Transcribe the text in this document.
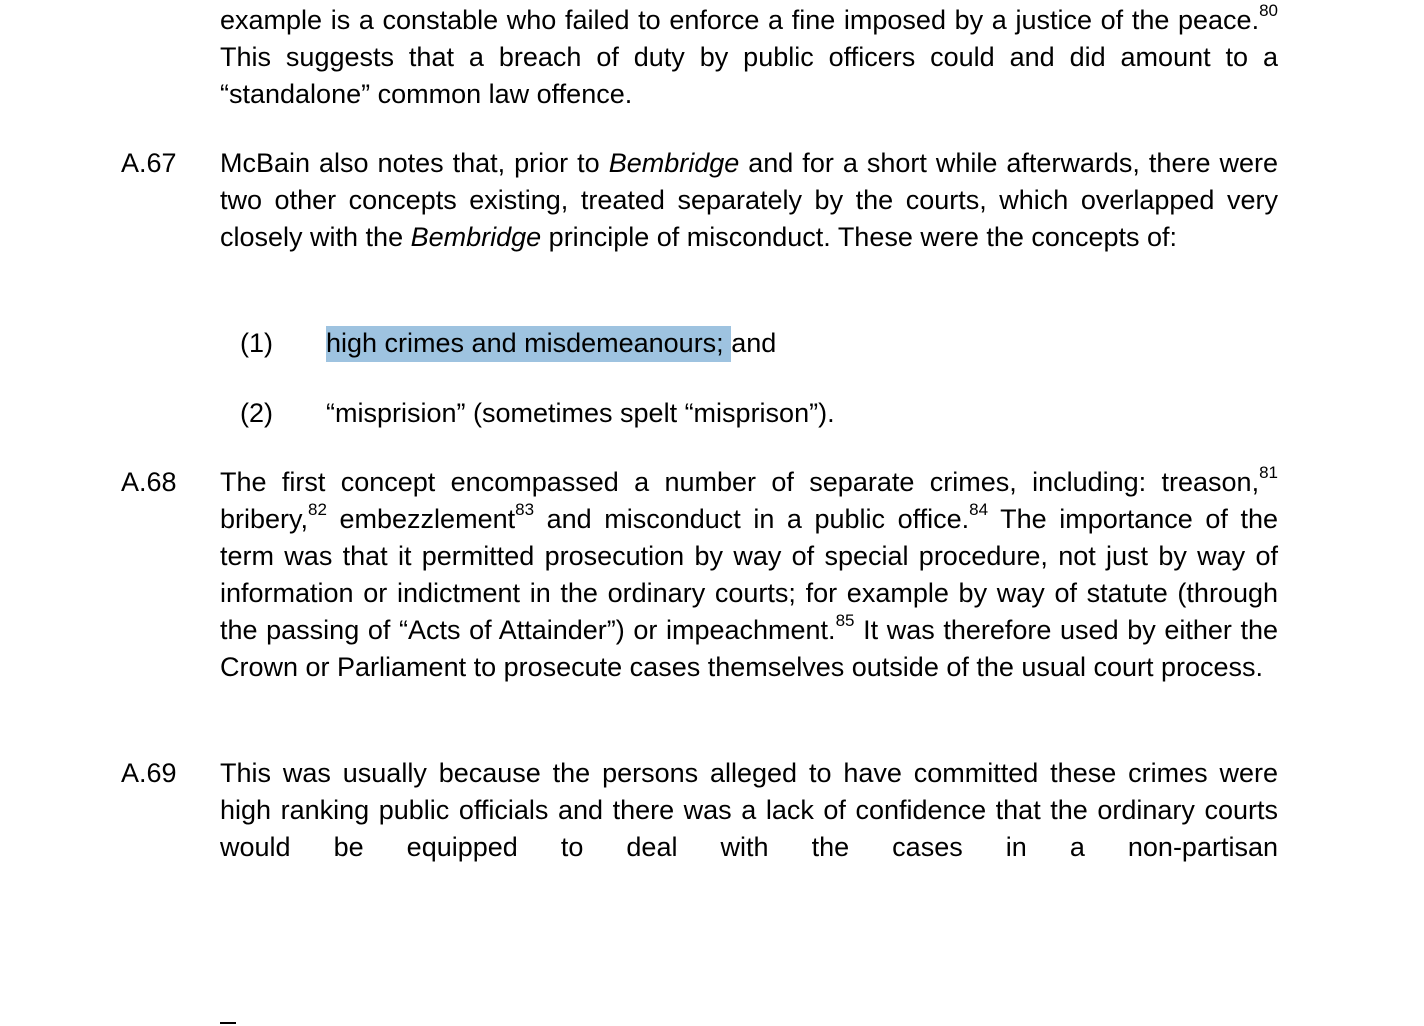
example is a constable who failed to enforce a fine imposed by a justice of the peace.$^{80}$ This suggests that a breach of duty by public officers could and did amount to a “standalone” common law offence.
A.67 McBain also notes that, prior to Bembridge and for a short while afterwards, there were two other concepts existing, treated separately by the courts, which overlapped very closely with the Bembridge principle of misconduct. These were the concepts of:
(1) high crimes and misdemeanours; and
(2) “misprision” (sometimes spelt “misprison”).
A.68 The first concept encompassed a number of separate crimes, including: treason,$^{81}$ bribery,$^{82}$ embezzlement$^{83}$ and misconduct in a public office.$^{84}$ The importance of the term was that it permitted prosecution by way of special procedure, not just by way of information or indictment in the ordinary courts; for example by way of statute (through the passing of “Acts of Attainder”) or impeachment.$^{85}$ It was therefore used by either the Crown or Parliament to prosecute cases themselves outside of the usual court process.
A.69 This was usually because the persons alleged to have committed these crimes were high ranking public officials and there was a lack of confidence that the ordinary courts would be equipped to deal with the cases in a non-partisan
